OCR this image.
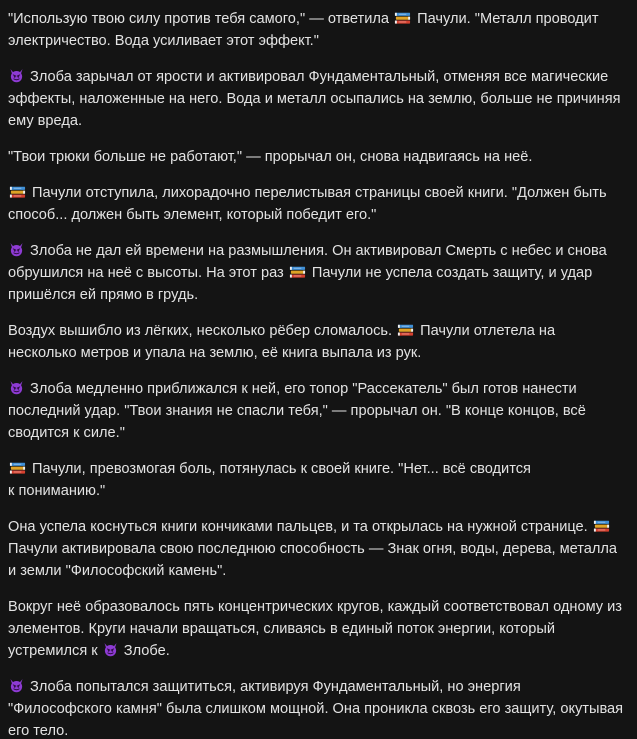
"Использую твою силу против тебя самого," — ответила  Пачули. "Металл проводит электричество. Вода усиливает этот эффект."

Злоба зарычал от ярости и активировал Фундаментальный, отменяя все магические эффекты, наложенные на него. Вода и металл осыпались на землю, больше не причиняя ему вреда.

"Твои трюки больше не работают," — прорычал он, снова надвигаясь на неё.

Пачули отступила, лихорадочно перелистывая страницы своей книги. "Должен быть способ... должен быть элемент, который победит его."

Злоба не дал ей времени на размышления. Он активировал Смерть с небес и снова обрушился на неё с высоты. На этот раз  Пачули не успела создать защиту, и удар пришёлся ей прямо в грудь.

Воздух вышибло из лёгких, несколько рёбер сломалось.  Пачули отлетела на несколько метров и упала на землю, её книга выпала из рук.

Злоба медленно приближался к ней, его топор "Рассекатель" был готов нанести последний удар. "Твои знания не спасли тебя," — прорычал он. "В конце концов, всё сводится к силе."

Пачули, превозмогая боль, потянулась к своей книге. "Нет... всё сводится
к пониманию."

Она успела коснуться книги кончиками пальцев, и та открылась на нужной странице.  Пачули активировала свою последнюю способность — Знак огня, воды, дерева, металла и земли "Философский камень".

Вокруг неё образовалось пять концентрических кругов, каждый соответствовал одному из элементов. Круги начали вращаться, сливаясь в единый поток энергии, который устремился к  Злобе.

Злоба попытался защититься, активируя Фундаментальный, но энергия "Философского камня" была слишком мощной. Она проникла сквозь его защиту, окутывая его тело.
